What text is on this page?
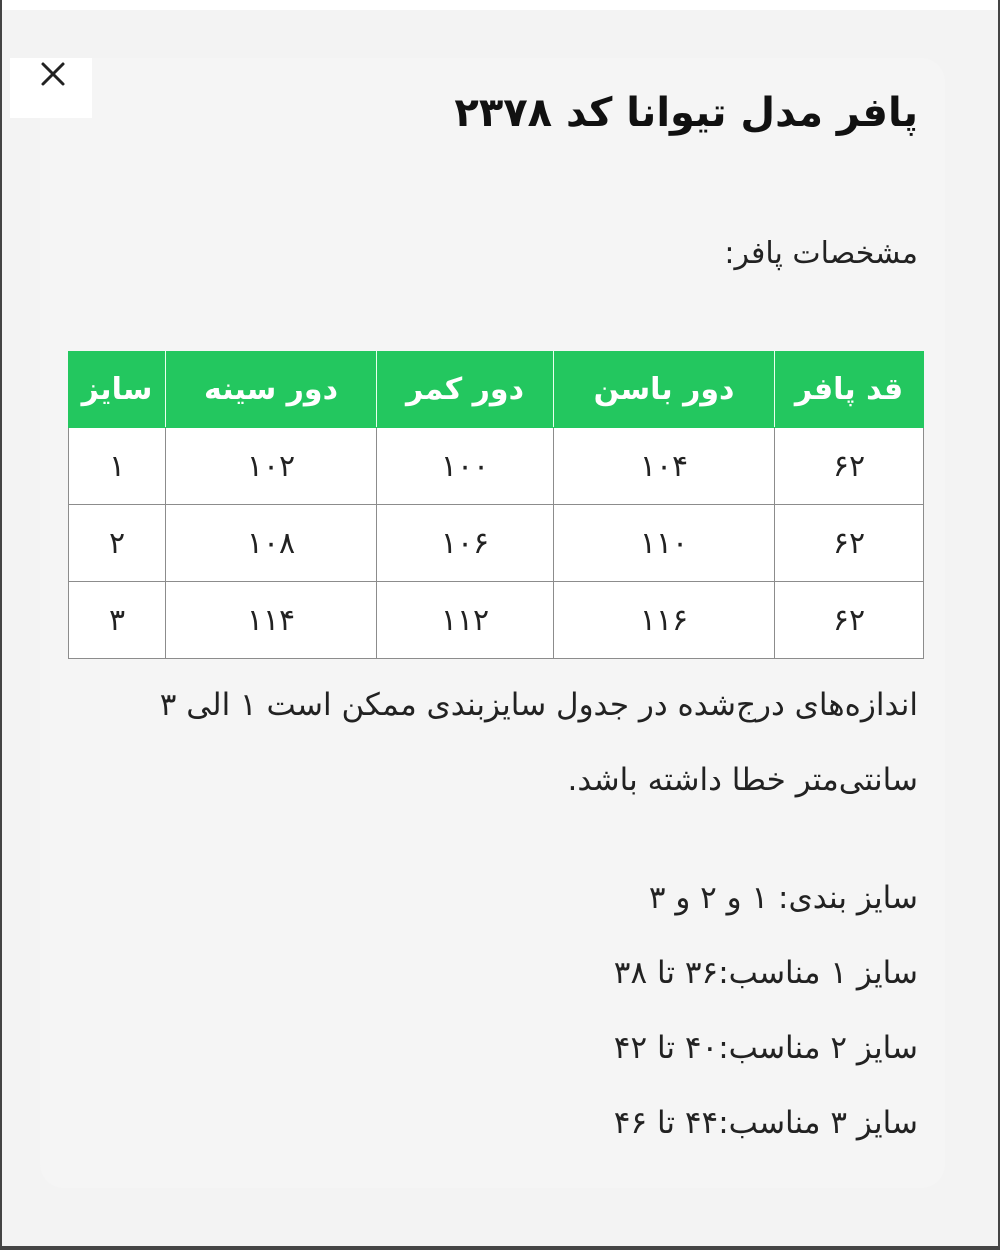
پافر مدل تیوانا کد ۲۳۷۸
مشخصات پافر:
قد پافر	دور باسن	دور کمر	دور سینه	سایز
۶۲	۱۰۴	۱۰۰	۱۰۲	۱
۶۲	۱۱۰	۱۰۶	۱۰۸	۲
۶۲	۱۱۶	۱۱۲	۱۱۴	۳
اندازه‌های درج‌شده در جدول سایزبندی ممکن است ۱ الی ۳
سانتی‌متر خطا داشته باشد.
سایز بندی: ۱ و ۲ و ۳
سایز ۱ مناسب:۳۶ تا ۳۸
سایز ۲ مناسب:۴۰ تا ۴۲
سایز ۳ مناسب:۴۴ تا ۴۶
